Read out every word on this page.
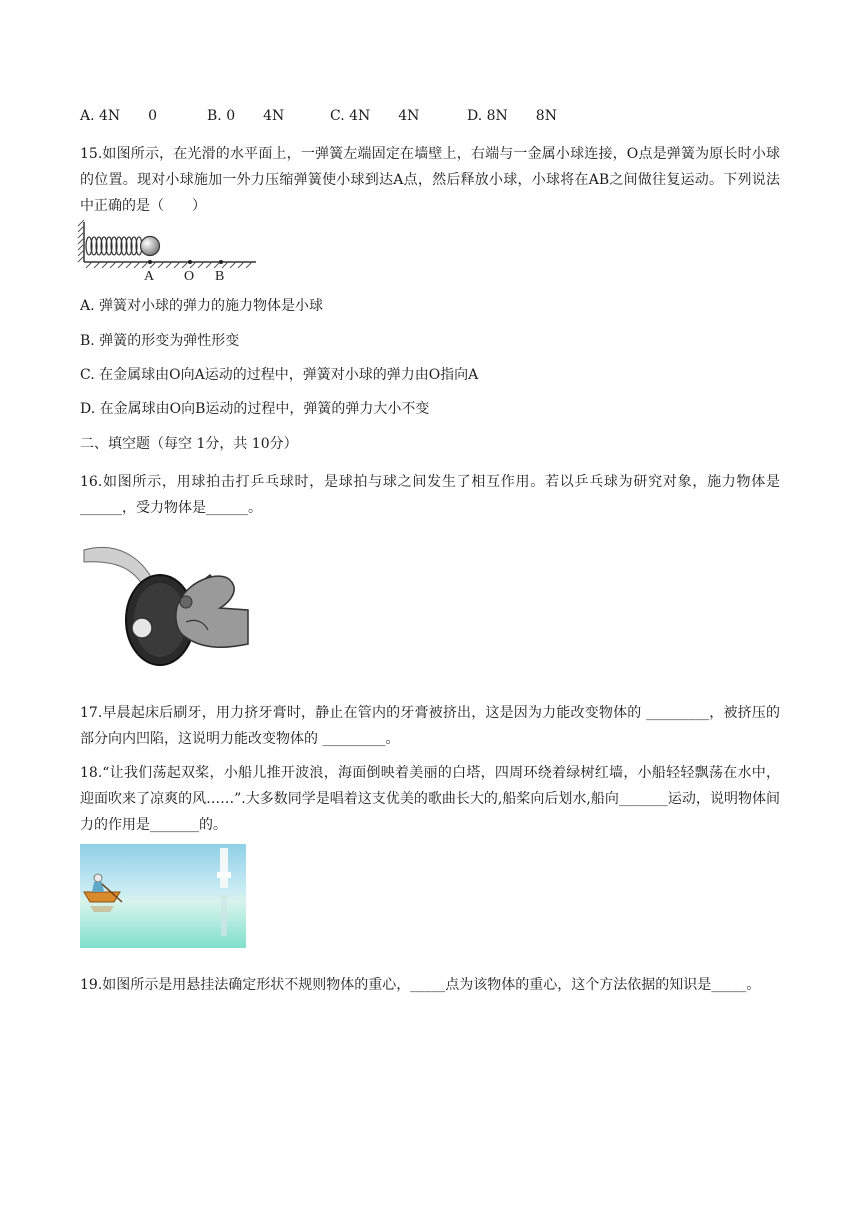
A. 4N　　0	B. 0　　4N	C. 4N　　4N	D. 8N　　8N
15.如图所示，在光滑的水平面上，一弹簧左端固定在墙壁上，右端与一金属小球连接，O点是弹簧为原长时小球的位置。现对小球施加一外力压缩弹簧使小球到达A点，然后释放小球，小球将在AB之间做往复运动。下列说法中正确的是（　　）
A O B
A. 弹簧对小球的弹力的施力物体是小球
B. 弹簧的形变为弹性形变
C. 在金属球由O向A运动的过程中，弹簧对小球的弹力由O指向A
D. 在金属球由O向B运动的过程中，弹簧的弹力大小不变
二、填空题（每空 1分，共 10分）
16.如图所示，用球拍击打乒乓球时，是球拍与球之间发生了相互作用。若以乒乓球为研究对象，施力物体是______，受力物体是______。
17.早晨起床后刷牙，用力挤牙膏时，静止在管内的牙膏被挤出，这是因为力能改变物体的 _________，被挤压的部分向内凹陷，这说明力能改变物体的 _________。
18.“让我们荡起双桨，小船儿推开波浪，海面倒映着美丽的白塔，四周环绕着绿树红墙，小船轻轻飘荡在水中，迎面吹来了凉爽的风……”.大多数同学是唱着这支优美的歌曲长大的,船桨向后划水,船向_______运动，说明物体间力的作用是_______的。
19.如图所示是用悬挂法确定形状不规则物体的重心，_____点为该物体的重心，这个方法依据的知识是_____。
